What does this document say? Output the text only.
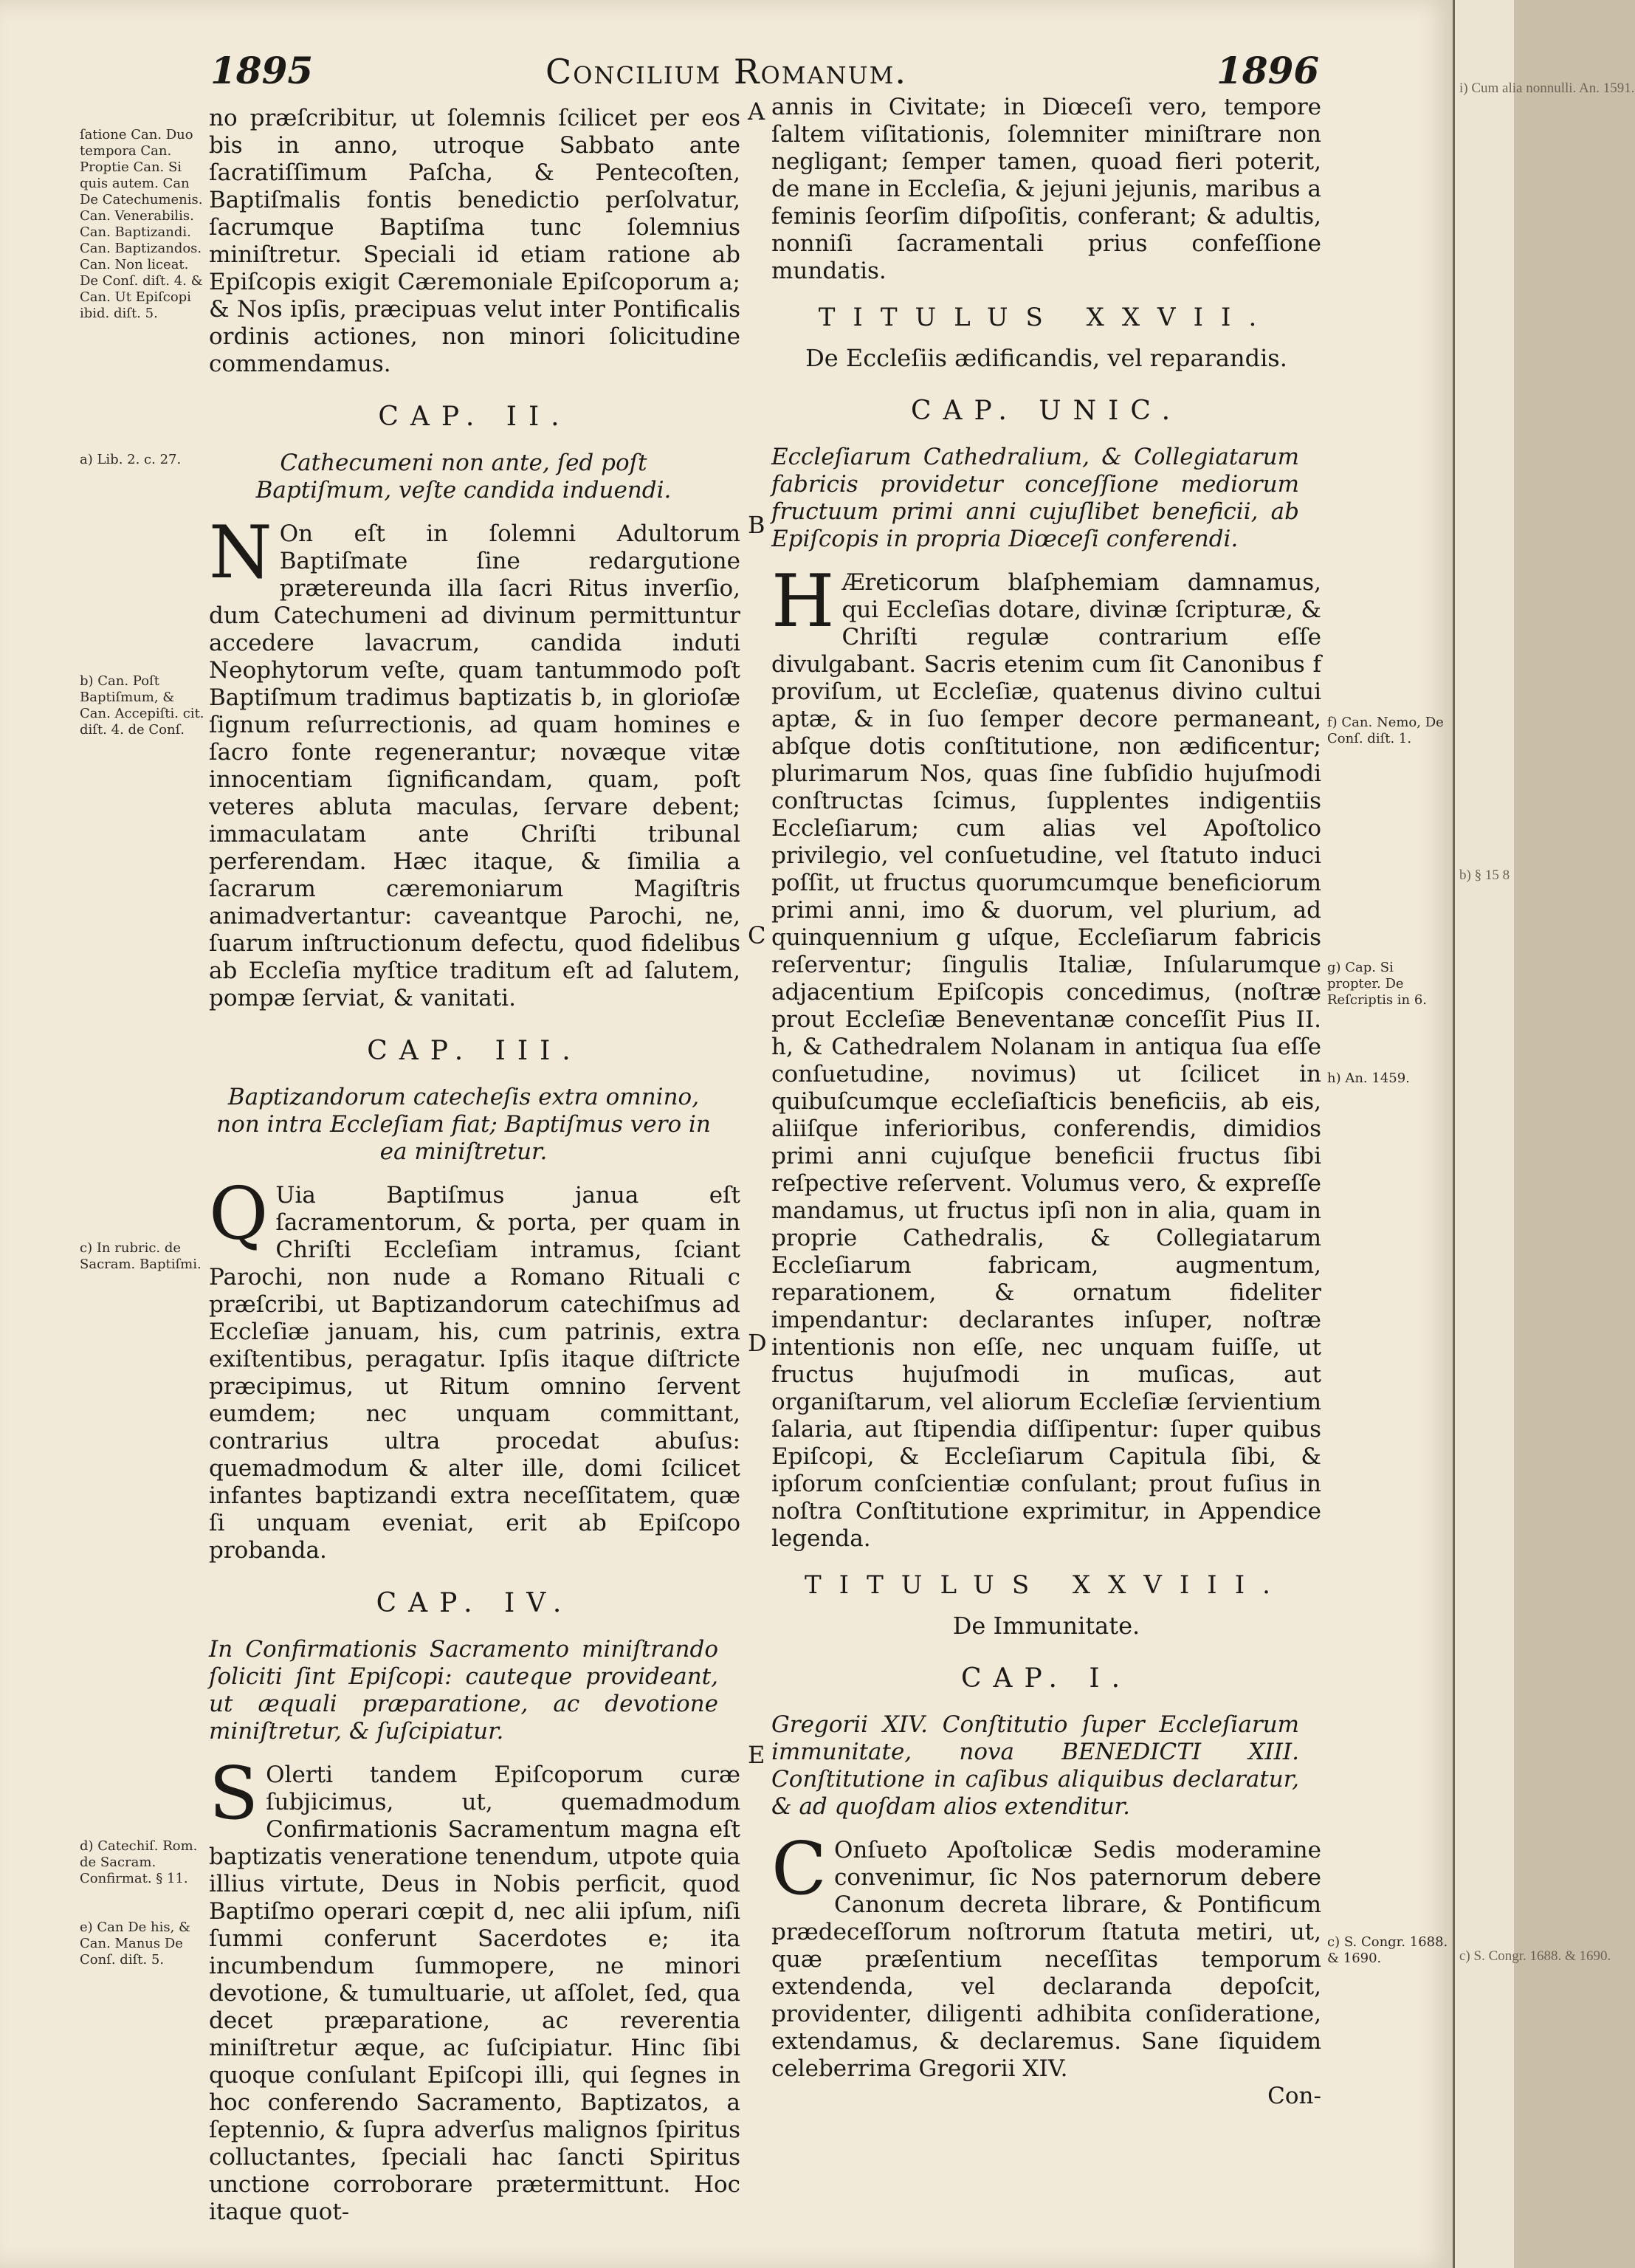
1895	Concilium Romanum.	1896
ſatione Can. Duo tempora Can. Proptie Can. Si quis autem. Can De Catechumenis. Can. Venerabilis. Can. Baptizandi. Can. Baptizandos. Can. Non liceat. De Conſ. diſt. 4. & Can. Ut Epiſcopi ibid. diſt. 5.
a) Lib. 2. c. 27.
b) Can. Poſt Baptiſmum, & Can. Accepiſti. cit. diſt. 4. de Conſ.
c) In rubric. de Sacram. Baptiſmi.
d) Catechiſ. Rom. de Sacram. Confirmat. § 11.
e) Can De his, & Can. Manus De Conſ. diſt. 5.
A
B
C
D
E

no præſcribitur, ut ſolemnis ſcilicet per eos bis in anno, utroque Sabbato ante ſacratiſſimum Paſcha, & Pentecoſten, Baptiſmalis fontis benedictio perſolvatur, ſacrumque Baptiſma tunc ſolemnius miniſtretur. Speciali id etiam ratione ab Epiſcopis exigit Cæremoniale Epiſcoporum a; & Nos ipſis, præcipuas velut inter Pontificalis ordinis actiones, non minori ſolicitudine commendamus.

CAP. II.

Cathecumeni non ante, ſed poſt Baptiſmum, veſte candida induendi.

N On eſt in ſolemni Adultorum Baptiſmate ſine redargutione prætereunda illa ſacri Ritus inverſio, dum Catechumeni ad divinum permittuntur accedere lavacrum, candida induti Neophytorum veſte, quam tantummodo poſt Baptiſmum tradimus baptizatis b, in glorioſæ ſignum reſurrectionis, ad quam homines e ſacro fonte regenerantur; novæque vitæ innocentiam ſignificandam, quam, poſt veteres abluta maculas, ſervare debent; immaculatam ante Chriſti tribunal perferendam. Hæc itaque, & ſimilia a ſacrarum cæremoniarum Magiſtris animadvertantur: caveantque Parochi, ne, ſuarum inſtructionum defectu, quod fidelibus ab Eccleſia myſtice traditum eſt ad ſalutem, pompæ ſerviat, & vanitati.

CAP. III.

Baptizandorum catecheſis extra omnino, non intra Eccleſiam fiat; Baptiſmus vero in ea miniſtretur.

Q Uia Baptiſmus janua eſt ſacramentorum, & porta, per quam in Chriſti Eccleſiam intramus, ſciant Parochi, non nude a Romano Rituali c præſcribi, ut Baptizandorum catechiſmus ad Eccleſiæ januam, his, cum patrinis, extra exiſtentibus, peragatur. Ipſis itaque diſtricte præcipimus, ut Ritum omnino ſervent eumdem; nec unquam committant, contrarius ultra procedat abuſus: quemadmodum & alter ille, domi ſcilicet infantes baptizandi extra neceſſitatem, quæ ſi unquam eveniat, erit ab Epiſcopo probanda.

CAP. IV.

In Confirmationis Sacramento miniſtrando ſoliciti ſint Epiſcopi: cauteque provideant, ut æquali præparatione, ac devotione miniſtretur, & ſuſcipiatur.

S Olerti tandem Epiſcoporum curæ ſubjicimus, ut, quemadmodum Confirmationis Sacramentum magna eſt baptizatis veneratione tenendum, utpote quia illius virtute, Deus in Nobis perficit, quod Baptiſmo operari cœpit d, nec alii ipſum, niſi ſummi conferunt Sacerdotes e; ita incumbendum ſummopere, ne minori devotione, & tumultuarie, ut aſſolet, ſed, qua decet præparatione, ac reverentia miniſtretur æque, ac ſuſcipiatur. Hinc ſibi quoque conſulant Epiſcopi illi, qui ſegnes in hoc conferendo Sacramento, Baptizatos, a ſeptennio, & ſupra adverſus malignos ſpiritus colluctantes, ſpeciali hac ſancti Spiritus unctione corroborare prætermittunt. Hoc itaque quot-

annis in Civitate; in Diœceſi vero, tempore ſaltem viſitationis, ſolemniter miniſtrare non negligant; ſemper tamen, quoad fieri poterit, de mane in Eccleſia, & jejuni jejunis, maribus a feminis ſeorſim diſpoſitis, conferant; & adultis, nonniſi ſacramentali prius confeſſione mundatis.

TITULUS XXVII.
De Eccleſiis ædificandis, vel reparandis.
CAP. UNIC.

Eccleſiarum Cathedralium, & Collegiatarum fabricis providetur conceſſione mediorum fructuum primi anni cujuſlibet beneficii, ab Epiſcopis in propria Diœceſi conferendi.

H Æreticorum blaſphemiam damnamus, qui Eccleſias dotare, divinæ ſcripturæ, & Chriſti regulæ contrarium eſſe divulgabant. Sacris etenim cum ſit Canonibus f proviſum, ut Eccleſiæ, quatenus divino cultui aptæ, & in ſuo ſemper decore permaneant, abſque dotis conſtitutione, non ædificentur; plurimarum Nos, quas ſine ſubſidio hujuſmodi conſtructas ſcimus, ſupplentes indigentiis Eccleſiarum; cum alias vel Apoſtolico privilegio, vel conſuetudine, vel ſtatuto induci poſſit, ut fructus quorumcumque beneficiorum primi anni, imo & duorum, vel plurium, ad quinquennium g uſque, Eccleſiarum fabricis reſerventur; ſingulis Italiæ, Inſularumque adjacentium Epiſcopis concedimus, (noſtræ prout Eccleſiæ Beneventanæ conceſſit Pius II. h, & Cathedralem Nolanam in antiqua ſua eſſe conſuetudine, novimus) ut ſcilicet in quibuſcumque eccleſiaſticis beneficiis, ab eis, aliiſque inferioribus, conferendis, dimidios primi anni cujuſque beneficii fructus ſibi reſpective reſervent. Volumus vero, & expreſſe mandamus, ut fructus ipſi non in alia, quam in proprie Cathedralis, & Collegiatarum Eccleſiarum fabricam, augmentum, reparationem, & ornatum fideliter impendantur: declarantes inſuper, noſtræ intentionis non eſſe, nec unquam fuiſſe, ut fructus hujuſmodi in muſicas, aut organiſtarum, vel aliorum Eccleſiæ ſervientium ſalaria, aut ſtipendia diſſipentur: ſuper quibus Epiſcopi, & Eccleſiarum Capitula ſibi, & ipſorum conſcientiæ conſulant; prout fuſius in noſtra Conſtitutione exprimitur, in Appendice legenda.

TITULUS XXVIII.
De Immunitate.
CAP. I.

Gregorii XIV. Conſtitutio ſuper Eccleſiarum immunitate, nova BENEDICTI XIII. Conſtitutione in caſibus aliquibus declaratur, & ad quoſdam alios extenditur.

C Onſueto Apoſtolicæ Sedis moderamine convenimur, ſic Nos paternorum debere Canonum decreta librare, & Pontificum prædeceſſorum noſtrorum ſtatuta metiri, ut, quæ præſentium neceſſitas temporum extendenda, vel declaranda depoſcit, providenter, diligenti adhibita conſideratione, extendamus, & declaremus. Sane ſiquidem celeberrima Gregorii XIV.

Con-

f) Can. Nemo, De Conſ. diſt. 1.
g) Cap. Si propter. De Reſcriptis in 6.
h) An. 1459.
c) S. Congr. 1688. & 1690.
i) Cum alia nonnulli. An. 1591.
b) § 15 8
c) S. Congr. 1688. & 1690.
